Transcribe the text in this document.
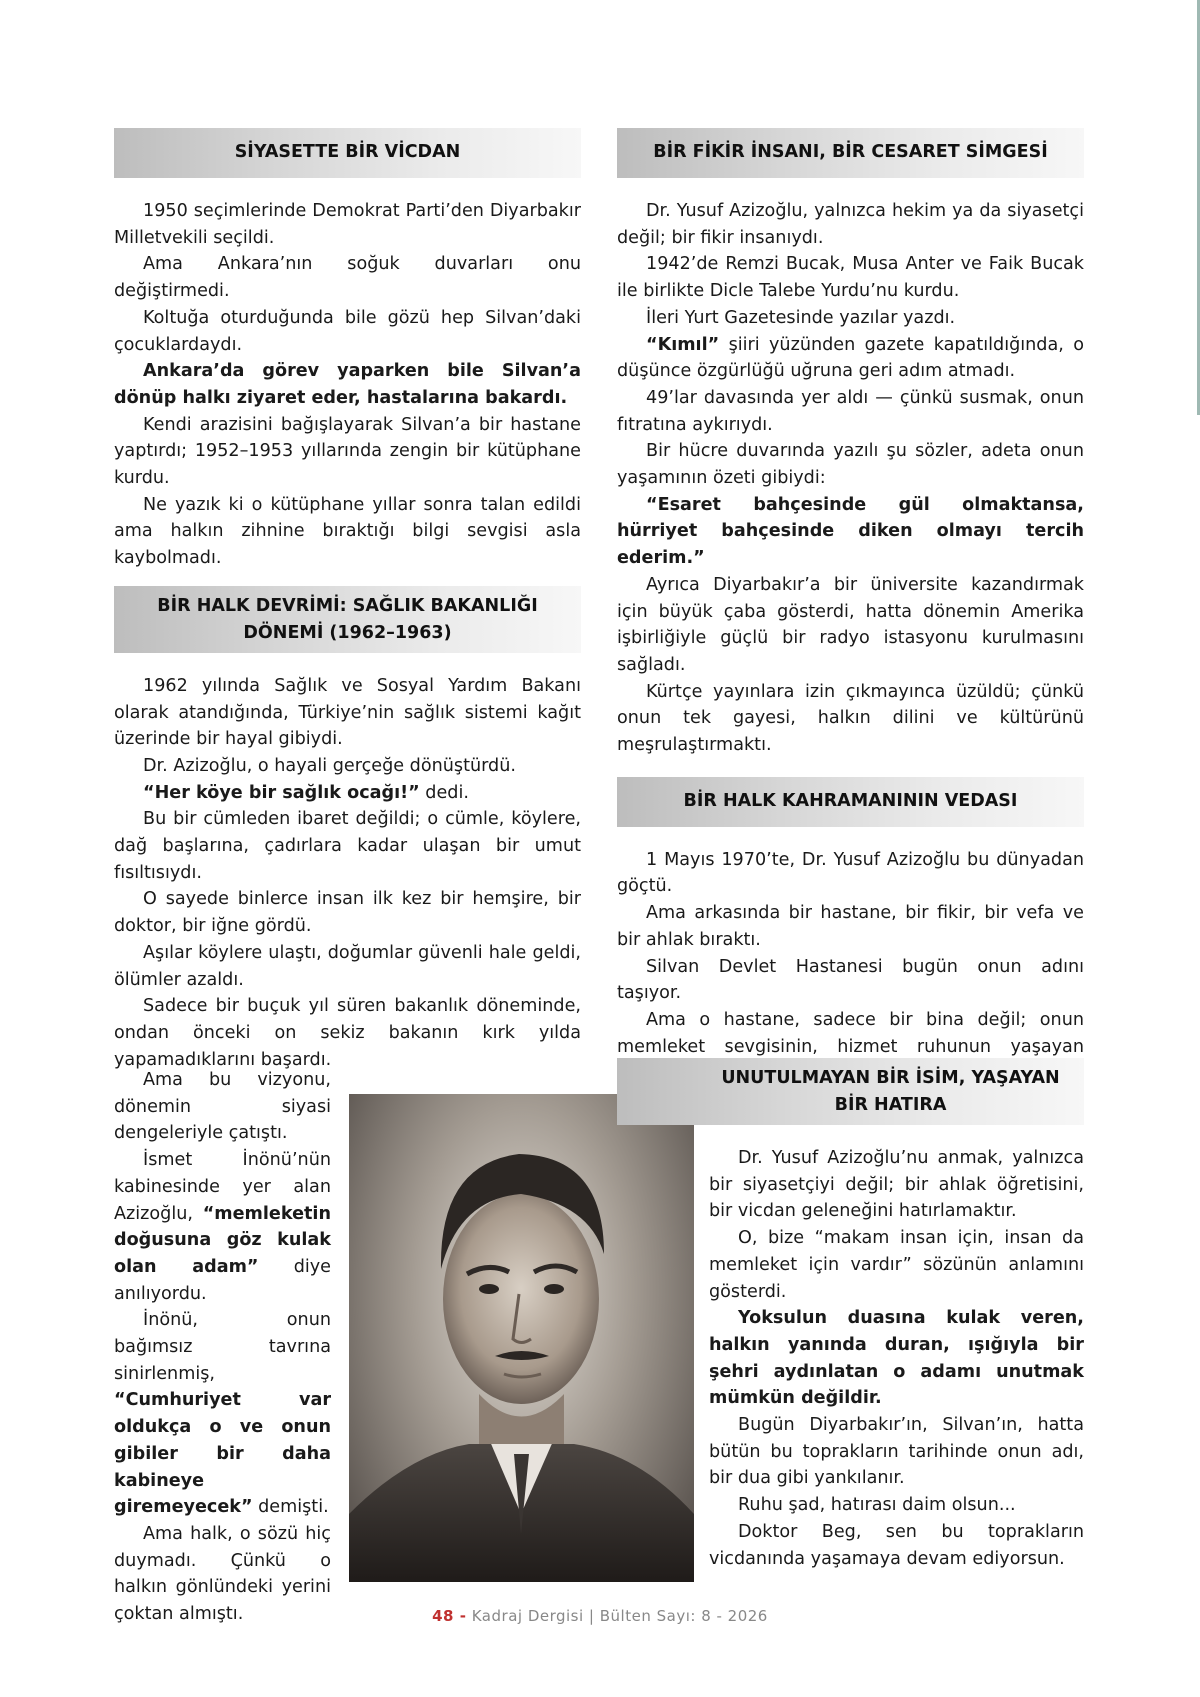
SİYASETTE BİR VİCDAN

1950 seçimlerinde Demokrat Parti’den Diyarbakır Milletvekili seçildi.

Ama Ankara’nın soğuk duvarları onu değiştirmedi.

Koltuğa oturduğunda bile gözü hep Silvan’daki çocuklardaydı.

Ankara’da görev yaparken bile Silvan’a dönüp halkı ziyaret eder, hastalarına bakardı.

Kendi arazisini bağışlayarak Silvan’a bir hastane yaptırdı; 1952–1953 yıllarında zengin bir kütüphane kurdu.

Ne yazık ki o kütüphane yıllar sonra talan edildi ama halkın zihnine bıraktığı bilgi sevgisi asla kaybolmadı.

BİR HALK DEVRİMİ: SAĞLIK BAKANLIĞI DÖNEMİ (1962–1963)

1962 yılında Sağlık ve Sosyal Yardım Bakanı olarak atandığında, Türkiye’nin sağlık sistemi kağıt üzerinde bir hayal gibiydi.

Dr. Azizoğlu, o hayali gerçeğe dönüştürdü.

“Her köye bir sağlık ocağı!” dedi.

Bu bir cümleden ibaret değildi; o cümle, köylere, dağ başlarına, çadırlara kadar ulaşan bir umut fısıltısıydı.

O sayede binlerce insan ilk kez bir hemşire, bir doktor, bir iğne gördü.

Aşılar köylere ulaştı, doğumlar güvenli hale geldi, ölümler azaldı.

Sadece bir buçuk yıl süren bakanlık döneminde, ondan önceki on sekiz bakanın kırk yılda yapamadıklarını başardı.

Ama bu vizyonu, dönemin siyasi dengeleriyle çatıştı.

İsmet İnönü’nün kabinesinde yer alan Azizoğlu, “memleketin doğusuna göz kulak olan adam” diye anılıyordu.

İnönü, onun bağımsız tavrına sinirlenmiş, “Cumhuriyet var oldukça o ve onun gibiler bir daha kabineye giremeyecek” demişti.

Ama halk, o sözü hiç duymadı. Çünkü o halkın gönlündeki yerini çoktan almıştı.

BİR FİKİR İNSANI, BİR CESARET SİMGESİ

Dr. Yusuf Azizoğlu, yalnızca hekim ya da siyasetçi değil; bir fikir insanıydı.

1942’de Remzi Bucak, Musa Anter ve Faik Bucak ile birlikte Dicle Talebe Yurdu’nu kurdu.

İleri Yurt Gazetesinde yazılar yazdı.

“Kımıl” şiiri yüzünden gazete kapatıldığında, o düşünce özgürlüğü uğruna geri adım atmadı.

49’lar davasında yer aldı — çünkü susmak, onun fıtratına aykırıydı.

Bir hücre duvarında yazılı şu sözler, adeta onun yaşamının özeti gibiydi:

“Esaret bahçesinde gül olmaktansa, hürriyet bahçesinde diken olmayı tercih ederim.”

Ayrıca Diyarbakır’a bir üniversite kazandırmak için büyük çaba gösterdi, hatta dönemin Amerika işbirliğiyle güçlü bir radyo istasyonu kurulmasını sağladı.

Kürtçe yayınlara izin çıkmayınca üzüldü; çünkü onun tek gayesi, halkın dilini ve kültürünü meşrulaştırmaktı.

BİR HALK KAHRAMANININ VEDASI

1 Mayıs 1970’te, Dr. Yusuf Azizoğlu bu dünyadan göçtü.

Ama arkasında bir hastane, bir fikir, bir vefa ve bir ahlak bıraktı.

Silvan Devlet Hastanesi bugün onun adını taşıyor.

Ama o hastane, sadece bir bina değil; onun memleket sevgisinin, hizmet ruhunun yaşayan

UNUTULMAYAN BİR İSİM, YAŞAYAN BİR HATIRA

Dr. Yusuf Azizoğlu’nu anmak, yalnızca bir siyasetçiyi değil; bir ahlak öğretisini, bir vicdan geleneğini hatırlamaktır.

O, bize “makam insan için, insan da memleket için vardır” sözünün anlamını gösterdi.

Yoksulun duasına kulak veren, halkın yanında duran, ışığıyla bir şehri aydınlatan o adamı unutmak mümkün değildir.

Bugün Diyarbakır’ın, Silvan’ın, hatta bütün bu toprakların tarihinde onun adı, bir dua gibi yankılanır.

Ruhu şad, hatırası daim olsun...

Doktor Beg, sen bu toprakların vicdanında yaşamaya devam ediyorsun.

48 - Kadraj Dergisi | Bülten Sayı: 8 - 2026
